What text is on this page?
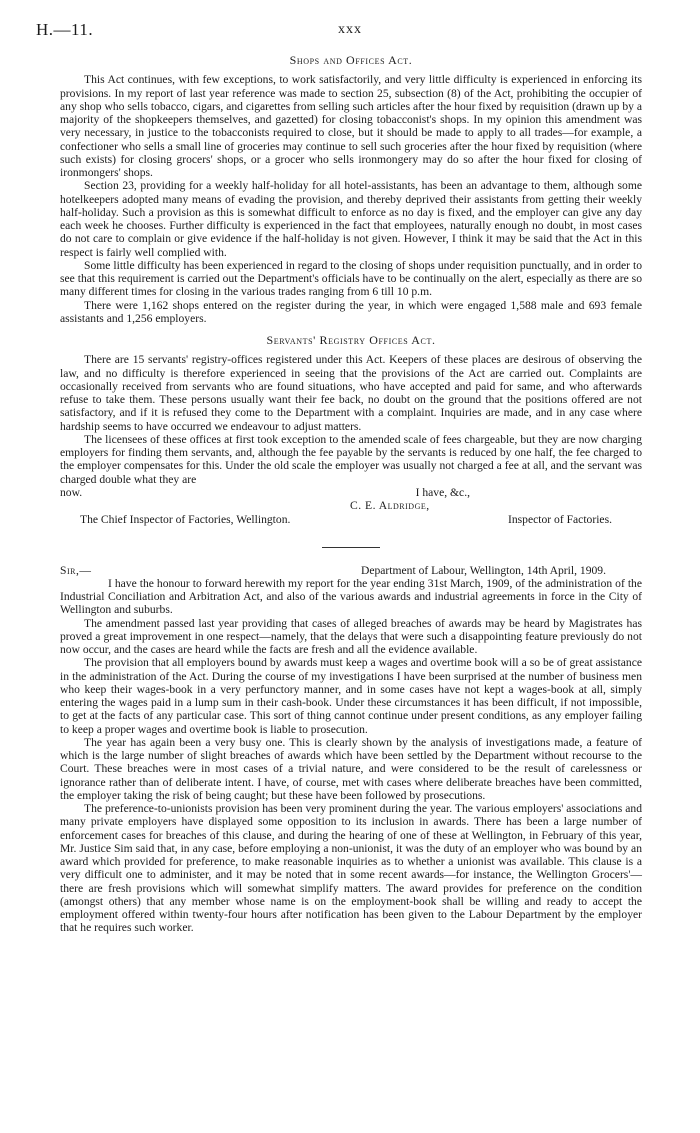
H.—11.	xxx
Shops and Offices Act.

This Act continues, with few exceptions, to work satisfactorily, and very little difficulty is experienced in enforcing its provisions. In my report of last year reference was made to section 25, subsection (8) of the Act, prohibiting the occupier of any shop who sells tobacco, cigars, and cigarettes from selling such articles after the hour fixed by requisition (drawn up by a majority of the shopkeepers themselves, and gazetted) for closing tobacconist's shops. In my opinion this amendment was very necessary, in justice to the tobacconists required to close, but it should be made to apply to all trades—for example, a confectioner who sells a small line of groceries may continue to sell such groceries after the hour fixed by requisition (where such exists) for closing grocers' shops, or a grocer who sells ironmongery may do so after the hour fixed for closing of ironmongers' shops.

Section 23, providing for a weekly half-holiday for all hotel-assistants, has been an advantage to them, although some hotelkeepers adopted many means of evading the provision, and thereby deprived their assistants from getting their weekly half-holiday. Such a provision as this is somewhat difficult to enforce as no day is fixed, and the employer can give any day each week he chooses. Further difficulty is experienced in the fact that employees, naturally enough no doubt, in most cases do not care to complain or give evidence if the half-holiday is not given. However, I think it may be said that the Act in this respect is fairly well complied with.

Some little difficulty has been experienced in regard to the closing of shops under requisition punctually, and in order to see that this requirement is carried out the Department's officials have to be continually on the alert, especially as there are so many different times for closing in the various trades ranging from 6 till 10 p.m.

There were 1,162 shops entered on the register during the year, in which were engaged 1,588 male and 693 female assistants and 1,256 employers.

Servants' Registry Offices Act.

There are 15 servants' registry-offices registered under this Act. Keepers of these places are desirous of observing the law, and no difficulty is therefore experienced in seeing that the provisions of the Act are carried out. Complaints are occasionally received from servants who are found situations, who have accepted and paid for same, and who afterwards refuse to take them. These persons usually want their fee back, no doubt on the ground that the positions offered are not satisfactory, and if it is refused they come to the Department with a complaint. Inquiries are made, and in any case where hardship seems to have occurred we endeavour to adjust matters.

The licensees of these offices at first took exception to the amended scale of fees chargeable, but they are now charging employers for finding them servants, and, although the fee payable by the servants is reduced by one half, the fee charged to the employer compensates for this. Under the old scale the employer was usually not charged a fee at all, and the servant was charged double what they are

now.	I have, &c.,
C. E. Aldridge,
The Chief Inspector of Factories, Wellington.	Inspector of Factories.
Sir,—	Department of Labour, Wellington, 14th April, 1909.

I have the honour to forward herewith my report for the year ending 31st March, 1909, of the administration of the Industrial Conciliation and Arbitration Act, and also of the various awards and industrial agreements in force in the City of Wellington and suburbs.

The amendment passed last year providing that cases of alleged breaches of awards may be heard by Magistrates has proved a great improvement in one respect—namely, that the delays that were such a disappointing feature previously do not now occur, and the cases are heard while the facts are fresh and all the evidence available.

The provision that all employers bound by awards must keep a wages and overtime book will a so be of great assistance in the administration of the Act. During the course of my investigations I have been surprised at the number of business men who keep their wages-book in a very perfunctory manner, and in some cases have not kept a wages-book at all, simply entering the wages paid in a lump sum in their cash-book. Under these circumstances it has been difficult, if not impossible, to get at the facts of any particular case. This sort of thing cannot continue under present conditions, as any employer failing to keep a proper wages and overtime book is liable to prosecution.

The year has again been a very busy one. This is clearly shown by the analysis of investigations made, a feature of which is the large number of slight breaches of awards which have been settled by the Department without recourse to the Court. These breaches were in most cases of a trivial nature, and were considered to be the result of carelessness or ignorance rather than of deliberate intent. I have, of course, met with cases where deliberate breaches have been committed, the employer taking the risk of being caught; but these have been followed by prosecutions.

The preference-to-unionists provision has been very prominent during the year. The various employers' associations and many private employers have displayed some opposition to its inclusion in awards. There has been a large number of enforcement cases for breaches of this clause, and during the hearing of one of these at Wellington, in February of this year, Mr. Justice Sim said that, in any case, before employing a non-unionist, it was the duty of an employer who was bound by an award which provided for preference, to make reasonable inquiries as to whether a unionist was available. This clause is a very difficult one to administer, and it may be noted that in some recent awards—for instance, the Wellington Grocers'—there are fresh provisions which will somewhat simplify matters. The award provides for preference on the condition (amongst others) that any member whose name is on the employment-book shall be willing and ready to accept the employment offered within twenty-four hours after notification has been given to the Labour Department by the employer that he requires such worker.
